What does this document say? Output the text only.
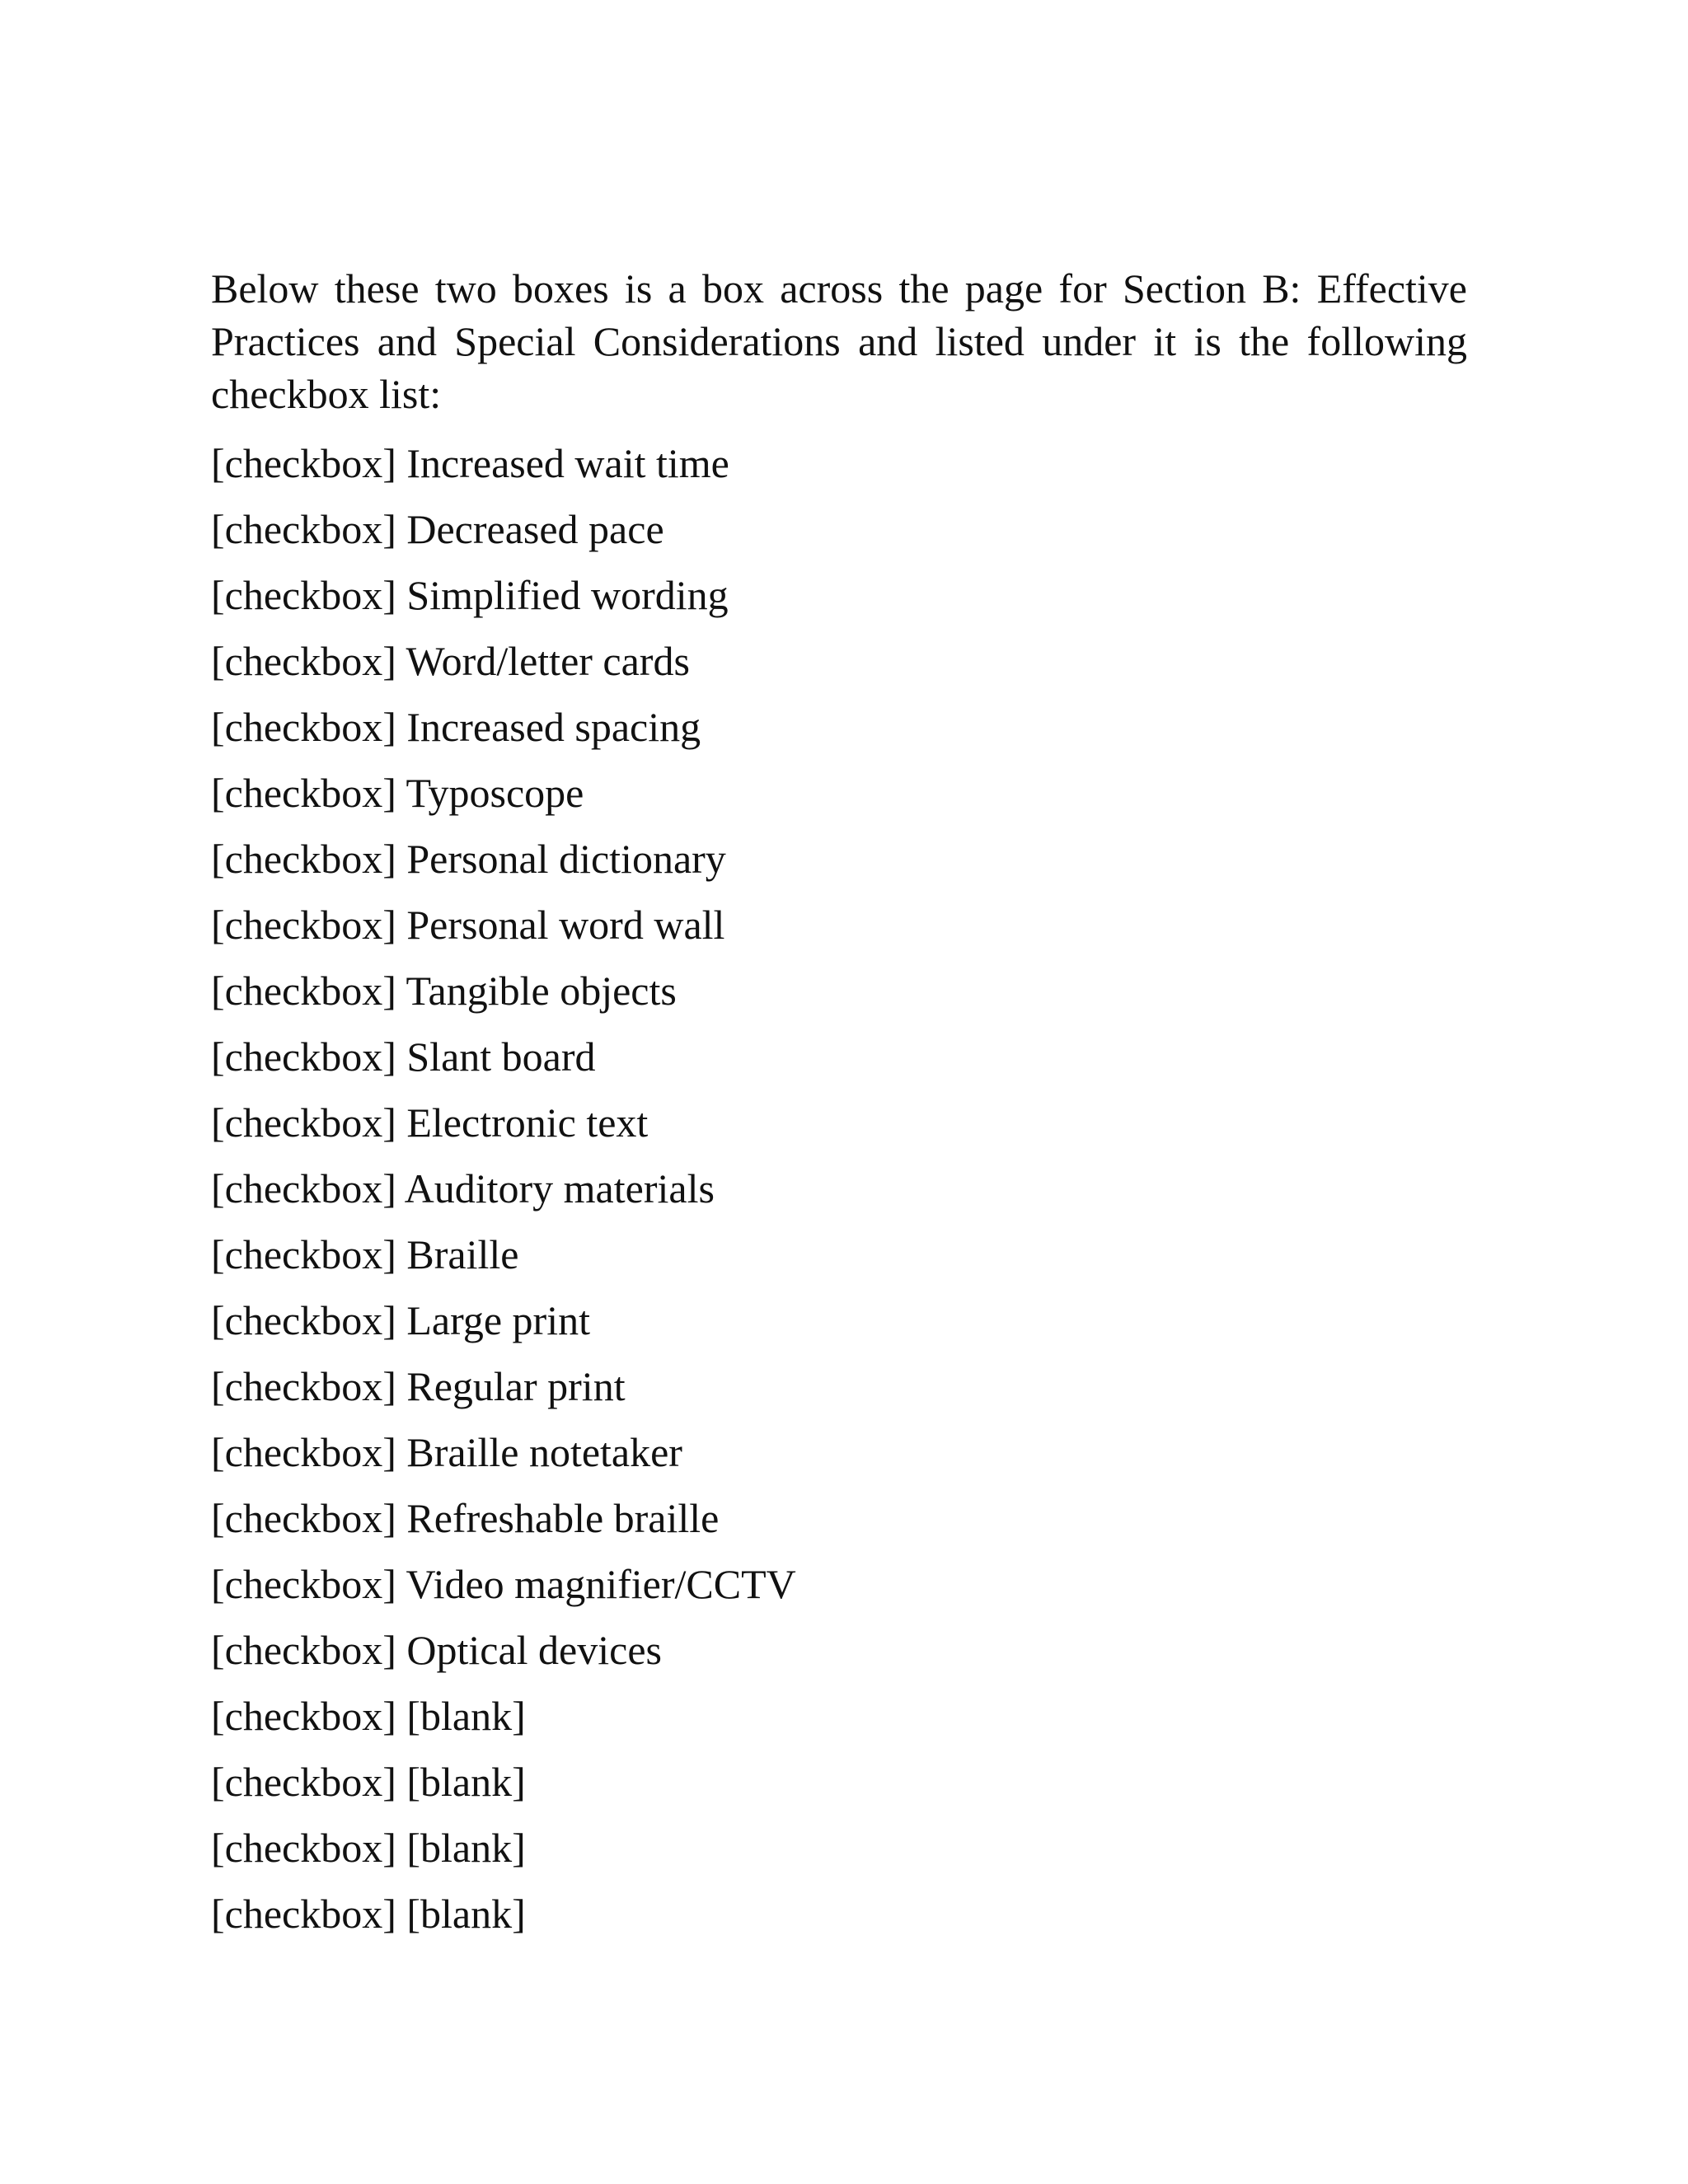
Below these two boxes is a box across the page for Section B: Effective Practices and Special Considerations and listed under it is the following checkbox list:

[checkbox] Increased wait time
[checkbox] Decreased pace
[checkbox] Simplified wording
[checkbox] Word/letter cards
[checkbox] Increased spacing
[checkbox] Typoscope
[checkbox] Personal dictionary
[checkbox] Personal word wall
[checkbox] Tangible objects
[checkbox] Slant board
[checkbox] Electronic text
[checkbox] Auditory materials
[checkbox] Braille
[checkbox] Large print
[checkbox] Regular print
[checkbox] Braille notetaker
[checkbox] Refreshable braille
[checkbox] Video magnifier/CCTV
[checkbox] Optical devices
[checkbox] [blank]
[checkbox] [blank]
[checkbox] [blank]
[checkbox] [blank]
